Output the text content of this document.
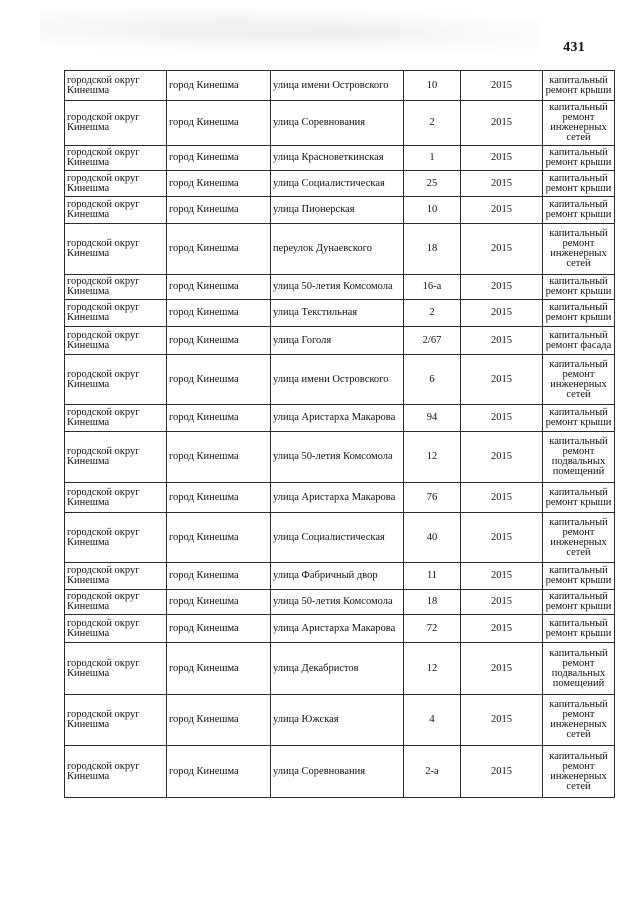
431
городской округ Кинешма	город Кинешма	улица имени Островского	10	2015	капитальный ремонт крыши
городской округ Кинешма	город Кинешма	улица Соревнования	2	2015	капитальный ремонт инженерных сетей
городской округ Кинешма	город Кинешма	улица Красноветкинская	1	2015	капитальный ремонт крыши
городской округ Кинешма	город Кинешма	улица Социалистическая	25	2015	капитальный ремонт крыши
городской округ Кинешма	город Кинешма	улица Пионерская	10	2015	капитальный ремонт крыши
городской округ Кинешма	город Кинешма	переулок Дунаевского	18	2015	капитальный ремонт инженерных сетей
городской округ Кинешма	город Кинешма	улица 50-летия Комсомола	16-а	2015	капитальный ремонт крыши
городской округ Кинешма	город Кинешма	улица Текстильная	2	2015	капитальный ремонт крыши
городской округ Кинешма	город Кинешма	улица Гоголя	2/67	2015	капитальный ремонт фасада
городской округ Кинешма	город Кинешма	улица имени Островского	6	2015	капитальный ремонт инженерных сетей
городской округ Кинешма	город Кинешма	улица Аристарха Макарова	94	2015	капитальный ремонт крыши
городской округ Кинешма	город Кинешма	улица 50-летия Комсомола	12	2015	капитальный ремонт подвальных помещений
городской округ Кинешма	город Кинешма	улица Аристарха Макарова	76	2015	капитальный ремонт крыши
городской округ Кинешма	город Кинешма	улица Социалистическая	40	2015	капитальный ремонт инженерных сетей
городской округ Кинешма	город Кинешма	улица Фабричный двор	11	2015	капитальный ремонт крыши
городской округ Кинешма	город Кинешма	улица 50-летия Комсомола	18	2015	капитальный ремонт крыши
городской округ Кинешма	город Кинешма	улица Аристарха Макарова	72	2015	капитальный ремонт крыши
городской округ Кинешма	город Кинешма	улица Декабристов	12	2015	капитальный ремонт подвальных помещений
городской округ Кинешма	город Кинешма	улица Южская	4	2015	капитальный ремонт инженерных сетей
городской округ Кинешма	город Кинешма	улица Соревнования	2-а	2015	капитальный ремонт инженерных сетей
